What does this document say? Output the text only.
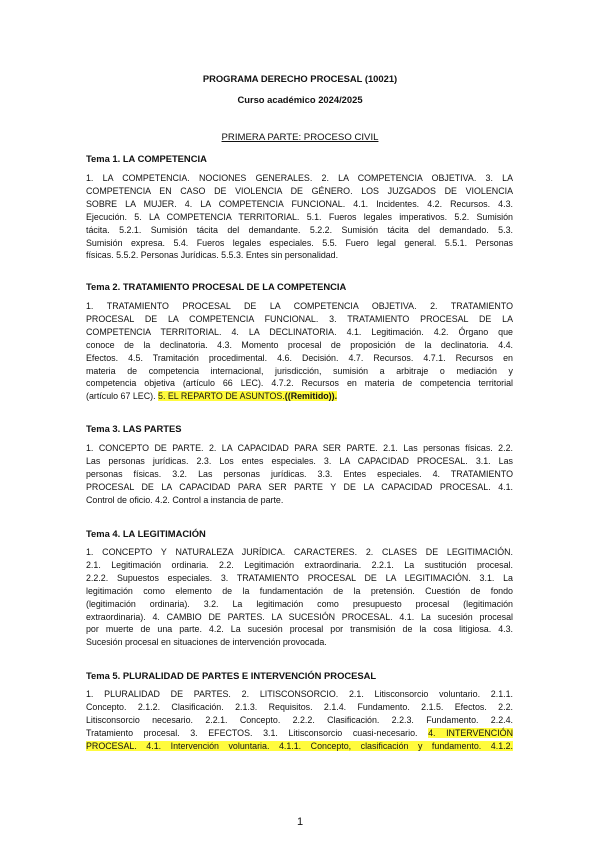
PROGRAMA DERECHO PROCESAL (10021)
Curso académico 2024/2025
PRIMERA PARTE: PROCESO CIVIL
Tema 1. LA COMPETENCIA
1. LA COMPETENCIA. NOCIONES GENERALES. 2. LA COMPETENCIA OBJETIVA. 3. LA
COMPETENCIA EN CASO DE VIOLENCIA DE GÉNERO. LOS JUZGADOS DE VIOLENCIA
SOBRE LA MUJER. 4. LA COMPETENCIA FUNCIONAL. 4.1. Incidentes. 4.2. Recursos. 4.3.
Ejecución. 5. LA COMPETENCIA TERRITORIAL. 5.1. Fueros legales imperativos. 5.2. Sumisión
tácita. 5.2.1. Sumisión tácita del demandante. 5.2.2. Sumisión tácita del demandado. 5.3.
Sumisión expresa. 5.4. Fueros legales especiales. 5.5. Fuero legal general. 5.5.1. Personas
físicas. 5.5.2. Personas Jurídicas. 5.5.3. Entes sin personalidad.
Tema 2. TRATAMIENTO PROCESAL DE LA COMPETENCIA
1. TRATAMIENTO PROCESAL DE LA COMPETENCIA OBJETIVA. 2. TRATAMIENTO
PROCESAL DE LA COMPETENCIA FUNCIONAL. 3. TRATAMIENTO PROCESAL DE LA
COMPETENCIA TERRITORIAL. 4. LA DECLINATORIA. 4.1. Legitimación. 4.2. Órgano que
conoce de la declinatoria. 4.3. Momento procesal de proposición de la declinatoria. 4.4.
Efectos. 4.5. Tramitación procedimental. 4.6. Decisión. 4.7. Recursos. 4.7.1. Recursos en
materia de competencia internacional, jurisdicción, sumisión a arbitraje o mediación y
competencia objetiva (artículo 66 LEC). 4.7.2. Recursos en materia de competencia territorial
(artículo 67 LEC). 5. EL REPARTO DE ASUNTOS.((Remitido)).
Tema 3. LAS PARTES
1. CONCEPTO DE PARTE. 2. LA CAPACIDAD PARA SER PARTE. 2.1. Las personas físicas. 2.2.
Las personas jurídicas. 2.3. Los entes especiales. 3. LA CAPACIDAD PROCESAL. 3.1. Las
personas físicas. 3.2. Las personas jurídicas. 3.3. Entes especiales. 4. TRATAMIENTO
PROCESAL DE LA CAPACIDAD PARA SER PARTE Y DE LA CAPACIDAD PROCESAL. 4.1.
Control de oficio. 4.2. Control a instancia de parte.
Tema 4. LA LEGITIMACIÓN
1. CONCEPTO Y NATURALEZA JURÍDICA. CARACTERES. 2. CLASES DE LEGITIMACIÓN.
2.1. Legitimación ordinaria. 2.2. Legitimación extraordinaria. 2.2.1. La sustitución procesal.
2.2.2. Supuestos especiales. 3. TRATAMIENTO PROCESAL DE LA LEGITIMACIÓN. 3.1. La
legitimación como elemento de la fundamentación de la pretensión. Cuestión de fondo
(legitimación ordinaria). 3.2. La legitimación como presupuesto procesal (legitimación
extraordinaria). 4. CAMBIO DE PARTES. LA SUCESIÓN PROCESAL. 4.1. La sucesión procesal
por muerte de una parte. 4.2. La sucesión procesal por transmisión de la cosa litigiosa. 4.3.
Sucesión procesal en situaciones de intervención provocada.
Tema 5. PLURALIDAD DE PARTES E INTERVENCIÓN PROCESAL
1. PLURALIDAD DE PARTES. 2. LITISCONSORCIO. 2.1. Litisconsorcio voluntario. 2.1.1.
Concepto. 2.1.2. Clasificación. 2.1.3. Requisitos. 2.1.4. Fundamento. 2.1.5. Efectos. 2.2.
Litisconsorcio necesario. 2.2.1. Concepto. 2.2.2. Clasificación. 2.2.3. Fundamento. 2.2.4.
Tratamiento procesal. 3. EFECTOS. 3.1. Litisconsorcio cuasi-necesario. 4. INTERVENCIÓN
PROCESAL. 4.1. Intervención voluntaria. 4.1.1. Concepto, clasificación y fundamento. 4.1.2.
1
